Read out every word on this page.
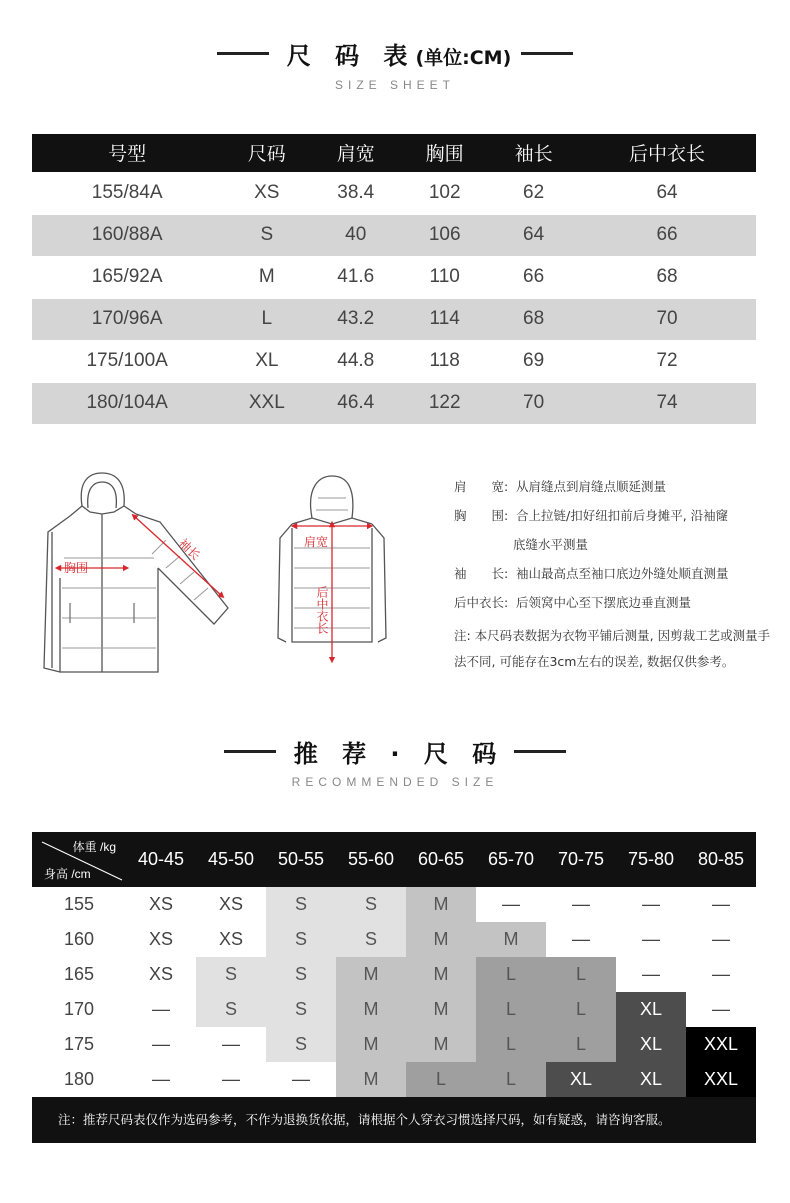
尺 码 表(单位:CM)
SIZE SHEET
号型	尺码	肩宽	胸围	袖长	后中衣长
155/84A	XS	38.4	102	62	64
160/88A	S	40	106	64	66
165/92A	M	41.6	110	66	68
170/96A	L	43.2	114	68	70
175/100A	XL	44.8	118	69	72
180/104A	XXL	46.4	122	70	74
胸围
袖长	肩宽
后中衣长
肩　　宽: 从肩缝点到肩缝点顺延测量
胸　　围: 合上拉链/扣好纽扣前后身摊平, 沿袖窿
底缝水平测量
袖　　长: 袖山最高点至袖口底边外缝处顺直测量
后中衣长: 后领窝中心至下摆底边垂直测量
注: 本尺码表数据为衣物平铺后测量, 因剪裁工艺或测量手法不同, 可能存在3cm左右的误差, 数据仅供参考。
推 荐 · 尺 码
RECOMMENDED SIZE
体重 /kg
身高 /cm	40-45	45-50	50-55	55-60	60-65	65-70	70-75	75-80	80-85
155	XS	XS	S	S	M	—	—	—	—
160	XS	XS	S	S	M	M	—	—	—
165	XS	S	S	M	M	L	L	—	—
170	—	S	S	M	M	L	L	XL	—
175	—	—	S	M	M	L	L	XL	XXL
180	—	—	—	M	L	L	XL	XL	XXL
注：推荐尺码表仅作为选码参考，不作为退换货依据，请根据个人穿衣习惯选择尺码，如有疑惑，请咨询客服。
